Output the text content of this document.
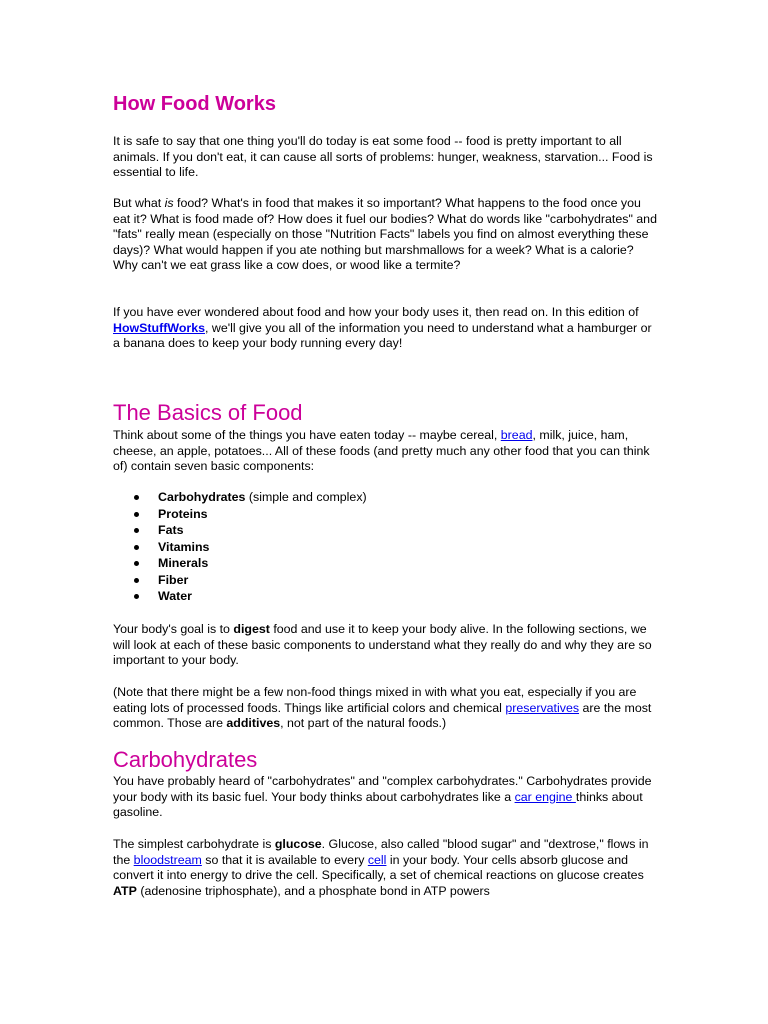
How Food Works

It is safe to say that one thing you'll do today is eat some food -- food is pretty important to all animals. If you don't eat, it can cause all sorts of problems: hunger, weakness, starvation... Food is essential to life.

But what is food? What's in food that makes it so important? What happens to the food once you eat it? What is food made of? How does it fuel our bodies? What do words like "carbohydrates" and "fats" really mean (especially on those "Nutrition Facts" labels you find on almost everything these days)? What would happen if you ate nothing but marshmallows for a week? What is a calorie? Why can't we eat grass like a cow does, or wood like a termite?

If you have ever wondered about food and how your body uses it, then read on. In this edition of HowStuffWorks, we'll give you all of the information you need to understand what a hamburger or a banana does to keep your body running every day!

The Basics of Food

Think about some of the things you have eaten today -- maybe cereal, bread, milk, juice, ham, cheese, an apple, potatoes... All of these foods (and pretty much any other food that you can think of) contain seven basic components:

Carbohydrates (simple and complex)
Proteins
Fats
Vitamins
Minerals
Fiber
Water

Your body's goal is to digest food and use it to keep your body alive. In the following sections, we will look at each of these basic components to understand what they really do and why they are so important to your body.

(Note that there might be a few non-food things mixed in with what you eat, especially if you are eating lots of processed foods. Things like artificial colors and chemical preservatives are the most common. Those are additives, not part of the natural foods.)

Carbohydrates

You have probably heard of "carbohydrates" and "complex carbohydrates." Carbohydrates provide your body with its basic fuel. Your body thinks about carbohydrates like a car engine thinks about gasoline.

The simplest carbohydrate is glucose. Glucose, also called "blood sugar" and "dextrose," flows in the bloodstream so that it is available to every cell in your body. Your cells absorb glucose and convert it into energy to drive the cell. Specifically, a set of chemical reactions on glucose creates ATP (adenosine triphosphate), and a phosphate bond in ATP powers
